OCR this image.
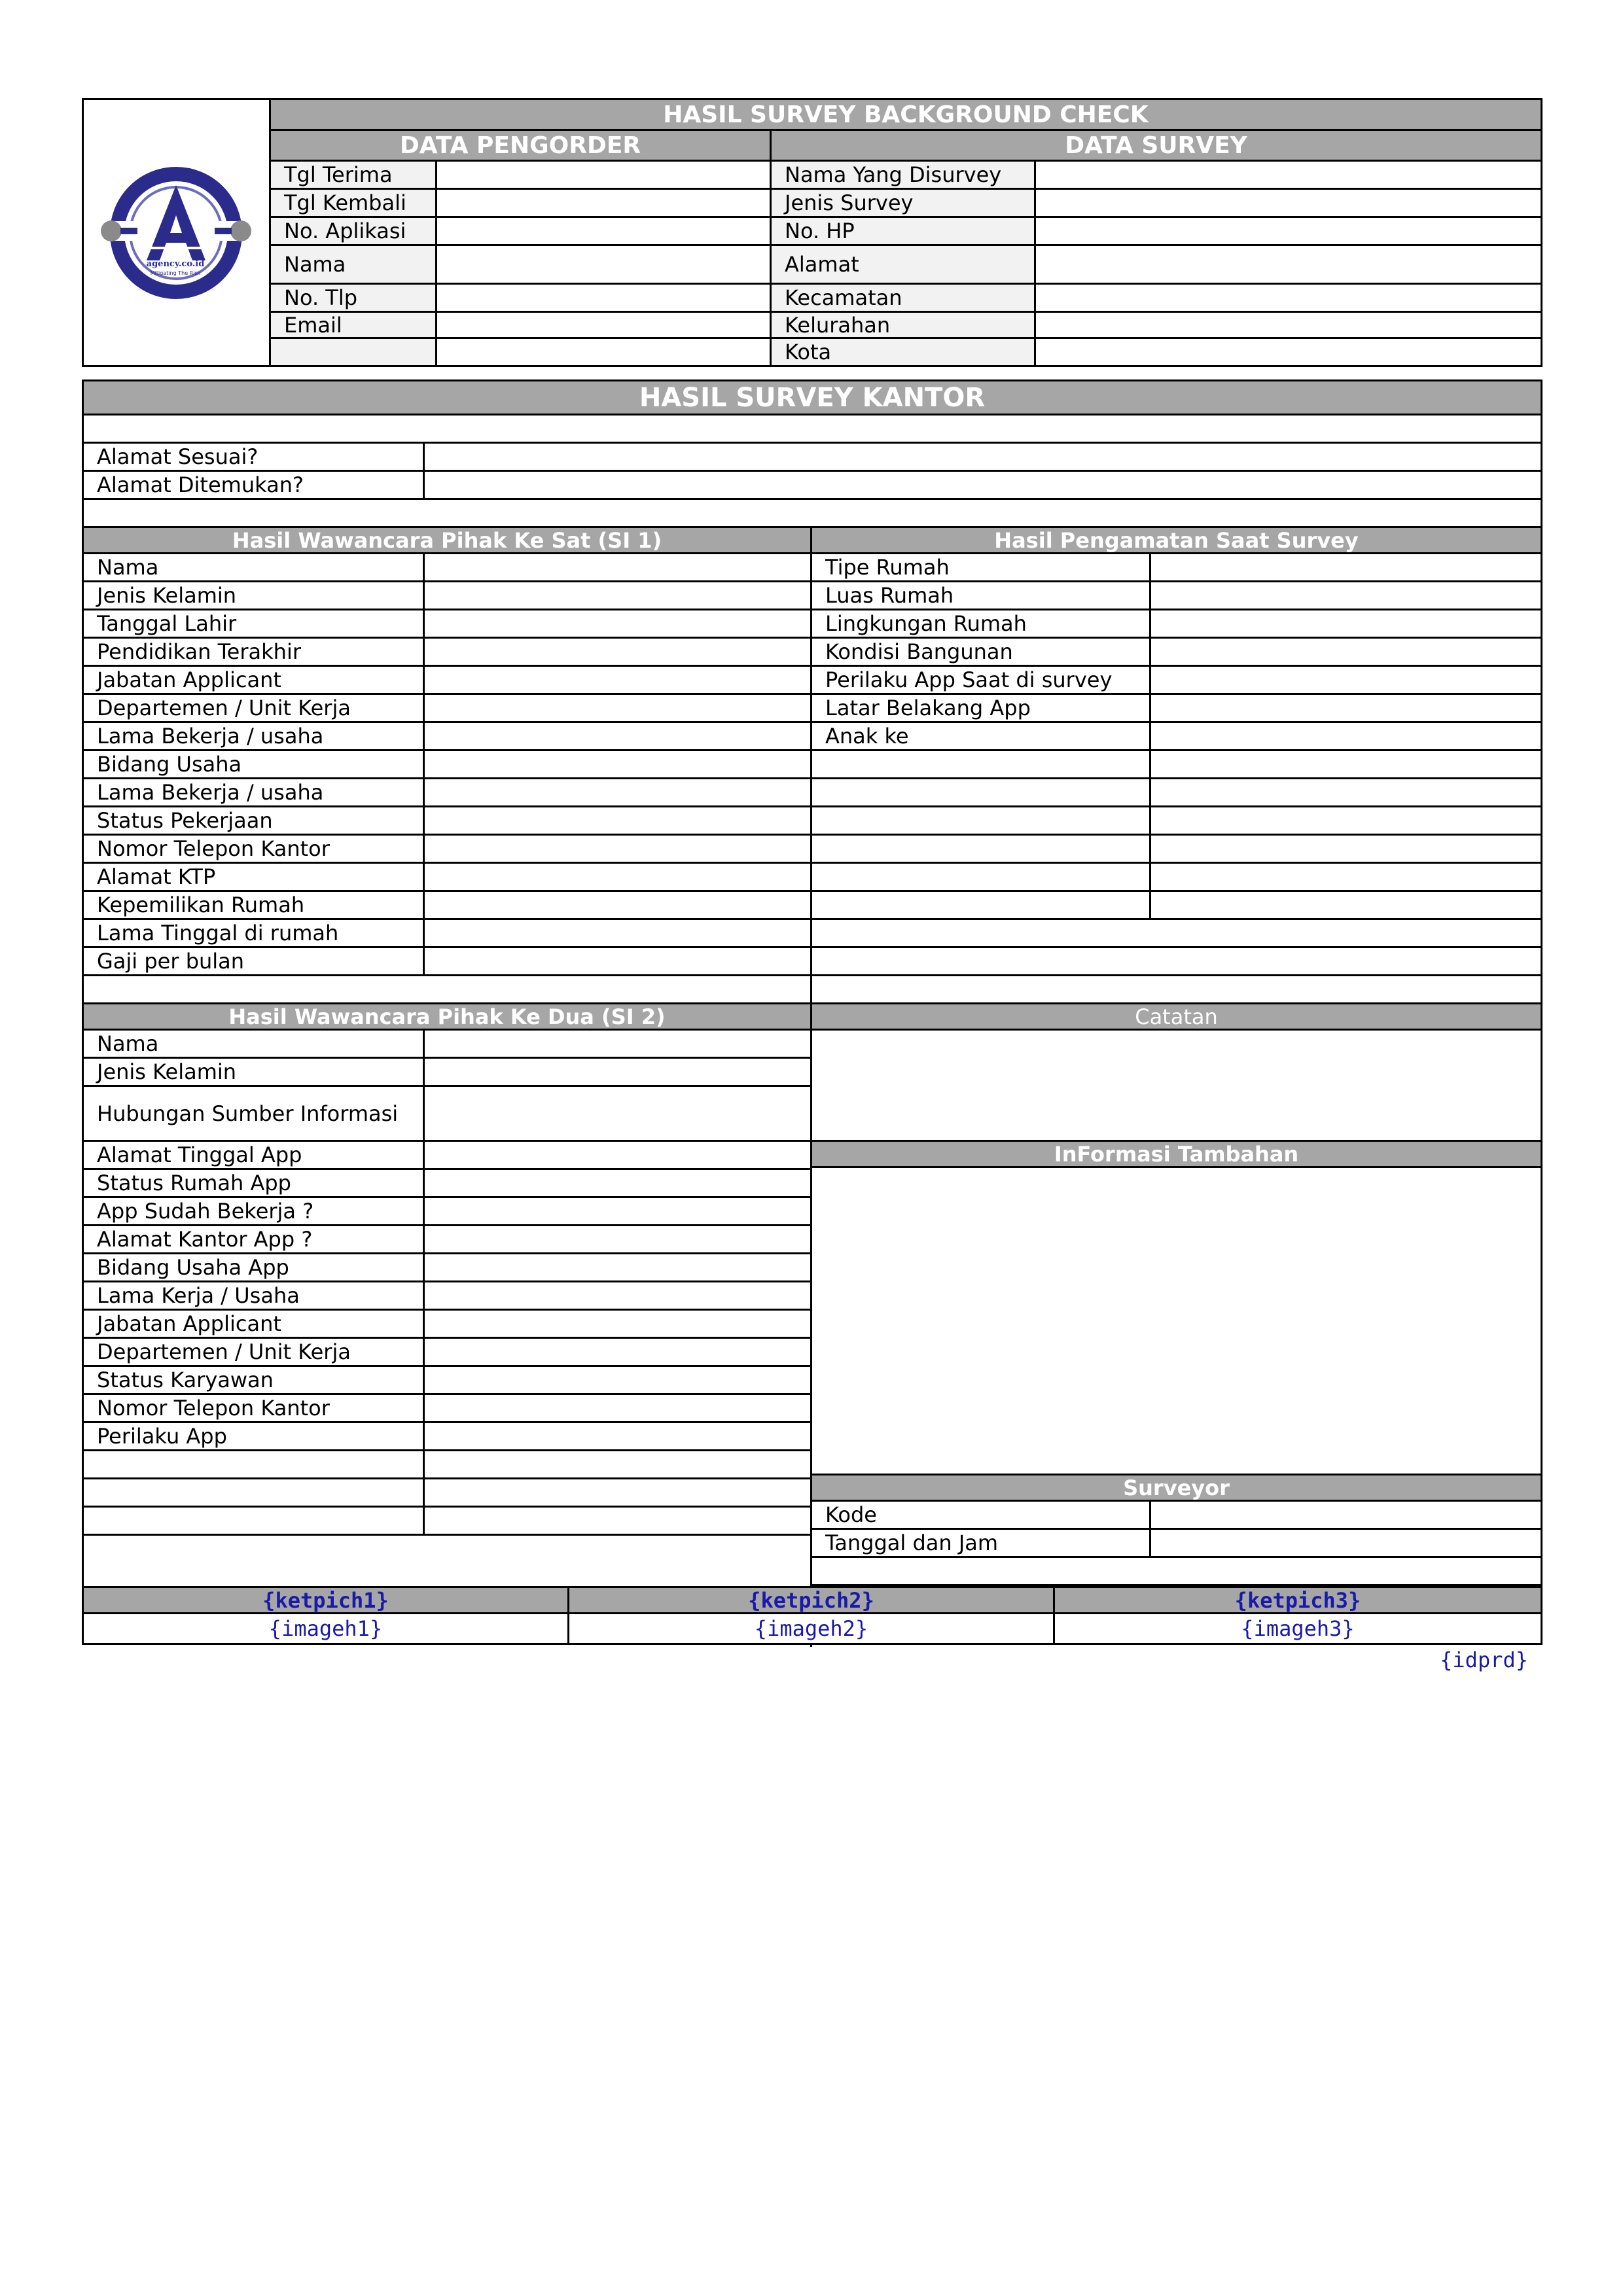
agency.co.id
Mitigating The Risk
HASIL SURVEY BACKGROUND CHECK
DATA PENGORDER	DATA SURVEY
Tgl Terima	Nama Yang Disurvey
Tgl Kembali	Jenis Survey
No. Aplikasi	No. HP
Nama	Alamat
No. Tlp	Kecamatan
Email	Kelurahan
Kota
HASIL SURVEY KANTOR
Alamat Sesuai?
Alamat Ditemukan?
Hasil Wawancara Pihak Ke Sat (SI 1)
Nama
Jenis Kelamin
Tanggal Lahir
Pendidikan Terakhir
Jabatan Applicant
Departemen / Unit Kerja
Lama Bekerja / usaha
Bidang Usaha
Lama Bekerja / usaha
Status Pekerjaan
Nomor Telepon Kantor
Alamat KTP
Kepemilikan Rumah
Lama Tinggal di rumah
Gaji per bulan
Hasil Wawancara Pihak Ke Dua (SI 2)
Nama
Jenis Kelamin
Hubungan Sumber Informasi
Alamat Tinggal App
Status Rumah App
App Sudah Bekerja ?
Alamat Kantor App ?
Bidang Usaha App
Lama Kerja / Usaha
Jabatan Applicant
Departemen / Unit Kerja
Status Karyawan
Nomor Telepon Kantor
Perilaku App
Hasil Pengamatan Saat Survey
Tipe Rumah
Luas Rumah
Lingkungan Rumah
Kondisi Bangunan
Perilaku App Saat di survey
Latar Belakang App
Anak ke
Catatan
InFormasi Tambahan
Surveyor
Kode
Tanggal dan Jam
{ketpich1}	{ketpich2}	{ketpich3}
{imageh1}	{imageh2}	{imageh3}
{idprd}
